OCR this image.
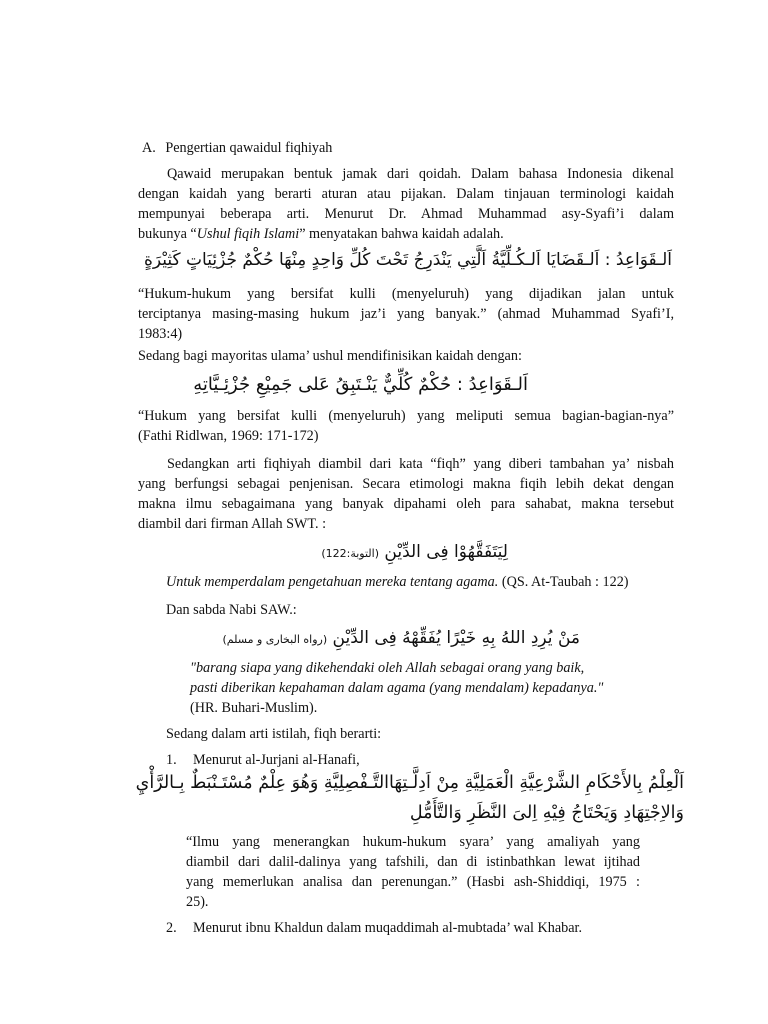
A. Pengertian qawaidul fiqhiyah
Qawaid merupakan bentuk jamak dari qoidah. Dalam bahasa Indonesia dikenal
dengan kaidah yang berarti aturan atau pijakan. Dalam tinjauan terminologi kaidah
mempunyai beberapa arti. Menurut Dr. Ahmad Muhammad asy-Syafi’i dalam
bukunya “Ushul fiqih Islami” menyatakan bahwa kaidah adalah.
اَلـقَوَاعِدُ : اَلـقَضَايَا اَلـكُـلِّيَّةُ اَلَّتِي يَنْدَرِجُ تَحْتَ كُلِّ وَاحِدٍ مِنْهَا حُكْمٌ جُزْئِيَاتٍ كَثِيْرَةٍ
“Hukum-hukum yang bersifat kulli (menyeluruh) yang dijadikan jalan untuk
terciptanya masing-masing hukum jaz’i yang banyak.” (ahmad Muhammad Syafi’I,
1983:4)
Sedang bagi mayoritas ulama’ ushul mendifinisikan kaidah dengan:
اَلـقَوَاعِدُ : حُكْمٌ كُلِّيٌّ يَنْـتَبِقُ عَلى جَمِيْعِ جُزْئِـيَّاتِهِ
“Hukum yang bersifat kulli (menyeluruh) yang meliputi semua bagian-bagian-nya”
(Fathi Ridlwan, 1969: 171-172)
Sedangkan arti fiqhiyah diambil dari kata “fiqh” yang diberi tambahan ya’ nisbah
yang berfungsi sebagai penjenisan. Secara etimologi makna fiqih lebih dekat dengan
makna ilmu sebagaimana yang banyak dipahami oleh para sahabat, makna tersebut
diambil dari firman Allah SWT. :
لِيَتَفَقَّهُوْا فِى الدِّيْنِ (التوبة:122)
Untuk memperdalam pengetahuan mereka tentang agama. (QS. At-Taubah : 122)
Dan sabda Nabi SAW.:
مَنْ يُرِدِ اللهُ بِهِ خَيْرًا يُفَقِّهْهُ فِى الدِّيْنِ (رواه البخارى و مسلم)
"barang siapa yang dikehendaki oleh Allah sebagai orang yang baik,
pasti diberikan kepahaman dalam agama (yang mendalam) kepadanya."
(HR. Buhari-Muslim).
Sedang dalam arti istilah, fiqh berarti:
1. Menurut al-Jurjani al-Hanafi,
اَلْعِلْمُ بِالأَحْكَامِ الشَّرْعِيَّةِ الْعَمَلِيَّةِ مِنْ اَدِلَّـتِهَاالتَّـفْصِلِيَّةِ وَهُوَ عِلْمٌ مُسْتَـنْبَطٌ بِـالرَّأْيِ
وَالاِجْتِهَادِ وَيَحْتَاجُ فِيْهِ اِلىَ النَّظَرِ وَالتَّأَمُّلِ
“Ilmu yang menerangkan hukum-hukum syara’ yang amaliyah yang
diambil dari dalil-dalinya yang tafshili, dan di istinbathkan lewat ijtihad
yang memerlukan analisa dan perenungan.” (Hasbi ash-Shiddiqi, 1975 :
25).
2. Menurut ibnu Khaldun dalam muqaddimah al-mubtada’ wal Khabar.
